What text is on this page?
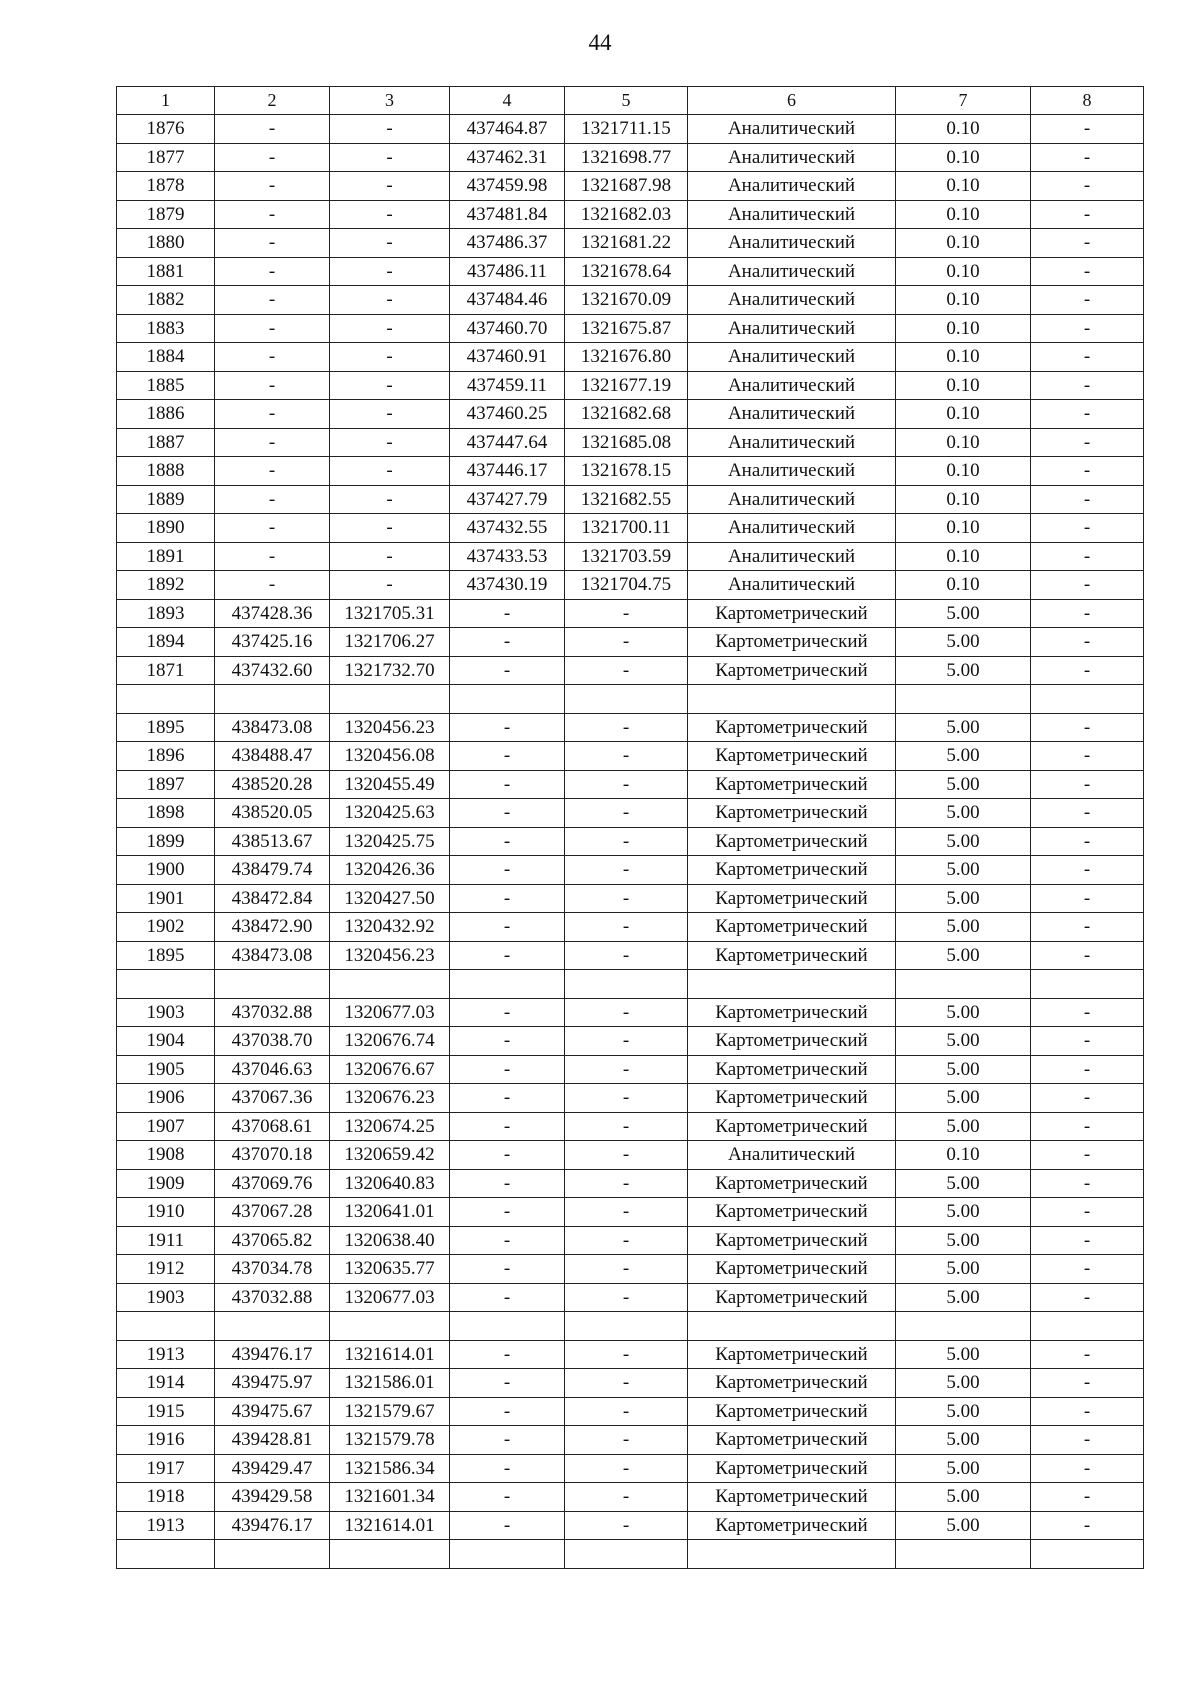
44
1	2	3	4	5	6	7	8
1876	-	-	437464.87	1321711.15	Аналитический	0.10	-
1877	-	-	437462.31	1321698.77	Аналитический	0.10	-
1878	-	-	437459.98	1321687.98	Аналитический	0.10	-
1879	-	-	437481.84	1321682.03	Аналитический	0.10	-
1880	-	-	437486.37	1321681.22	Аналитический	0.10	-
1881	-	-	437486.11	1321678.64	Аналитический	0.10	-
1882	-	-	437484.46	1321670.09	Аналитический	0.10	-
1883	-	-	437460.70	1321675.87	Аналитический	0.10	-
1884	-	-	437460.91	1321676.80	Аналитический	0.10	-
1885	-	-	437459.11	1321677.19	Аналитический	0.10	-
1886	-	-	437460.25	1321682.68	Аналитический	0.10	-
1887	-	-	437447.64	1321685.08	Аналитический	0.10	-
1888	-	-	437446.17	1321678.15	Аналитический	0.10	-
1889	-	-	437427.79	1321682.55	Аналитический	0.10	-
1890	-	-	437432.55	1321700.11	Аналитический	0.10	-
1891	-	-	437433.53	1321703.59	Аналитический	0.10	-
1892	-	-	437430.19	1321704.75	Аналитический	0.10	-
1893	437428.36	1321705.31	-	-	Картометрический	5.00	-
1894	437425.16	1321706.27	-	-	Картометрический	5.00	-
1871	437432.60	1321732.70	-	-	Картометрический	5.00	-

1895	438473.08	1320456.23	-	-	Картометрический	5.00	-
1896	438488.47	1320456.08	-	-	Картометрический	5.00	-
1897	438520.28	1320455.49	-	-	Картометрический	5.00	-
1898	438520.05	1320425.63	-	-	Картометрический	5.00	-
1899	438513.67	1320425.75	-	-	Картометрический	5.00	-
1900	438479.74	1320426.36	-	-	Картометрический	5.00	-
1901	438472.84	1320427.50	-	-	Картометрический	5.00	-
1902	438472.90	1320432.92	-	-	Картометрический	5.00	-
1895	438473.08	1320456.23	-	-	Картометрический	5.00	-

1903	437032.88	1320677.03	-	-	Картометрический	5.00	-
1904	437038.70	1320676.74	-	-	Картометрический	5.00	-
1905	437046.63	1320676.67	-	-	Картометрический	5.00	-
1906	437067.36	1320676.23	-	-	Картометрический	5.00	-
1907	437068.61	1320674.25	-	-	Картометрический	5.00	-
1908	437070.18	1320659.42	-	-	Аналитический	0.10	-
1909	437069.76	1320640.83	-	-	Картометрический	5.00	-
1910	437067.28	1320641.01	-	-	Картометрический	5.00	-
1911	437065.82	1320638.40	-	-	Картометрический	5.00	-
1912	437034.78	1320635.77	-	-	Картометрический	5.00	-
1903	437032.88	1320677.03	-	-	Картометрический	5.00	-

1913	439476.17	1321614.01	-	-	Картометрический	5.00	-
1914	439475.97	1321586.01	-	-	Картометрический	5.00	-
1915	439475.67	1321579.67	-	-	Картометрический	5.00	-
1916	439428.81	1321579.78	-	-	Картометрический	5.00	-
1917	439429.47	1321586.34	-	-	Картометрический	5.00	-
1918	439429.58	1321601.34	-	-	Картометрический	5.00	-
1913	439476.17	1321614.01	-	-	Картометрический	5.00	-
